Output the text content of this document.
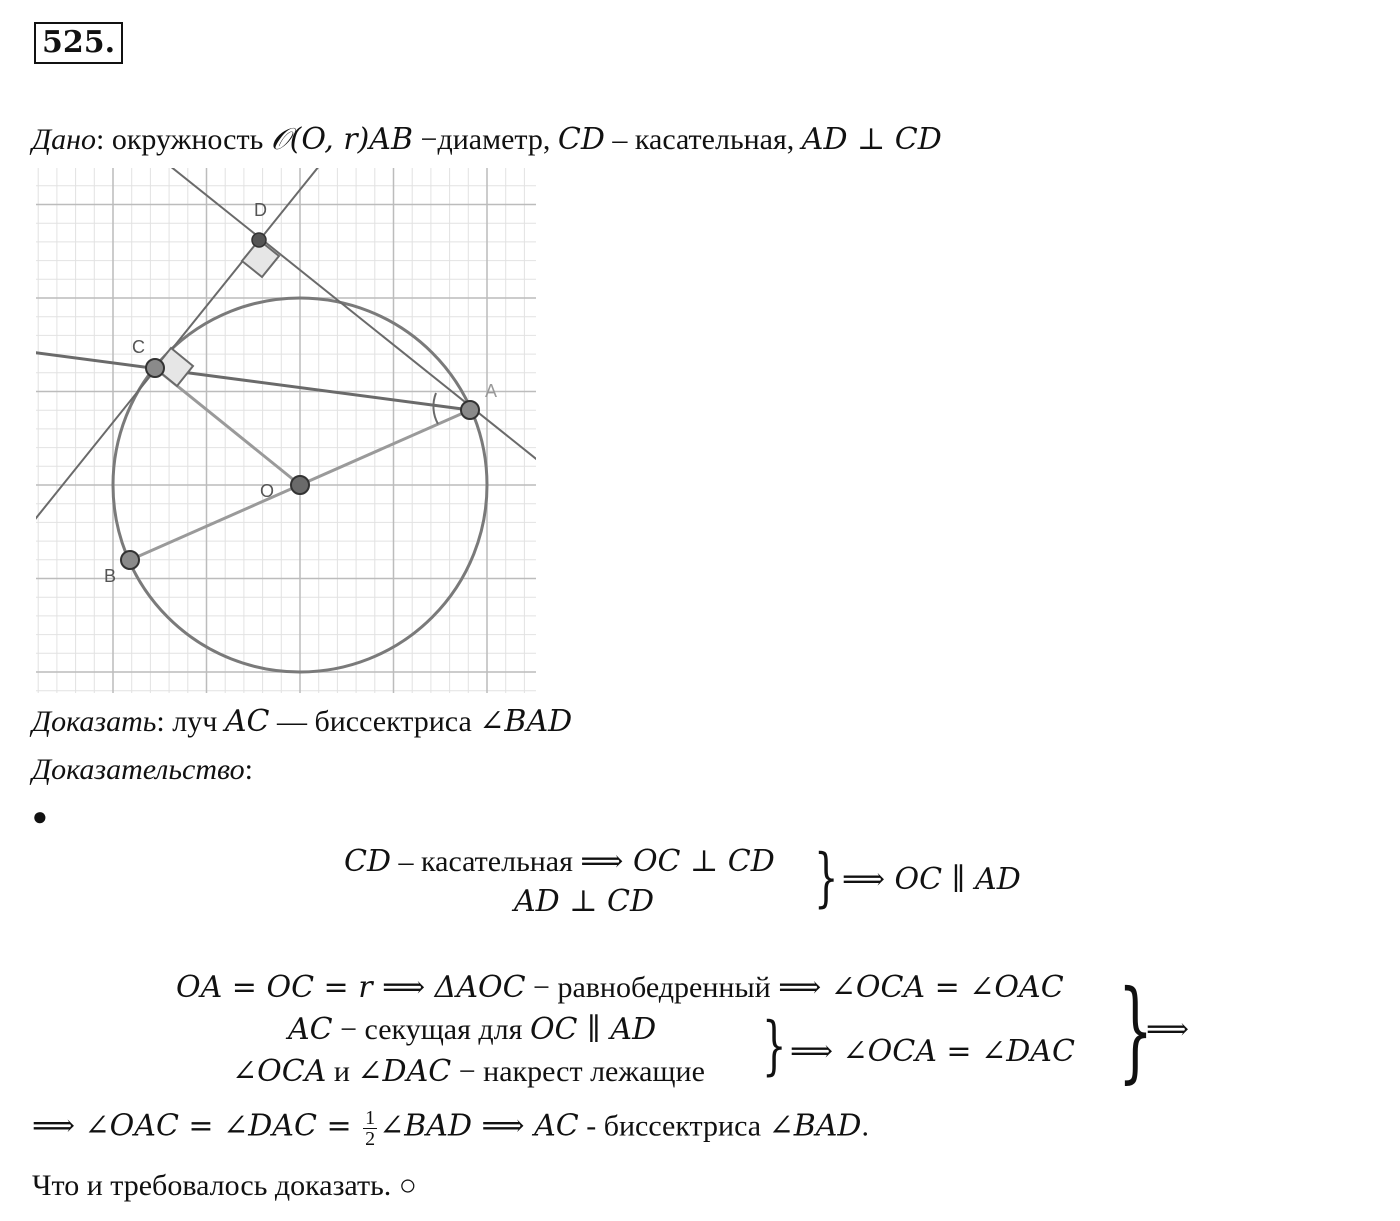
525.
Дано: окружность 𝒪(O, r)AB −диаметр, CD – касательная, AD ⊥ CD
D
C
A
O
B
Доказать: луч AC — биссектриса ∠BAD
Доказательство:
●
CD – касательная ⟹ OC ⊥ CD
AD ⊥ CD } ⟹ OC ∥ AD
OA = OC = r ⟹ ΔAOC − равнобедренный ⟹ ∠OCA = ∠OAC
AC − секущая для OC ∥ AD
∠OCA и ∠DAC − накрест лежащие } ⟹ ∠OCA = ∠DAC }
⟹
⟹ ∠OAC = ∠DAC = $\frac{1}{2}$ ∠BAD ⟹ AC - биссектриса ∠BAD.
Что и требовалось доказать. ○
